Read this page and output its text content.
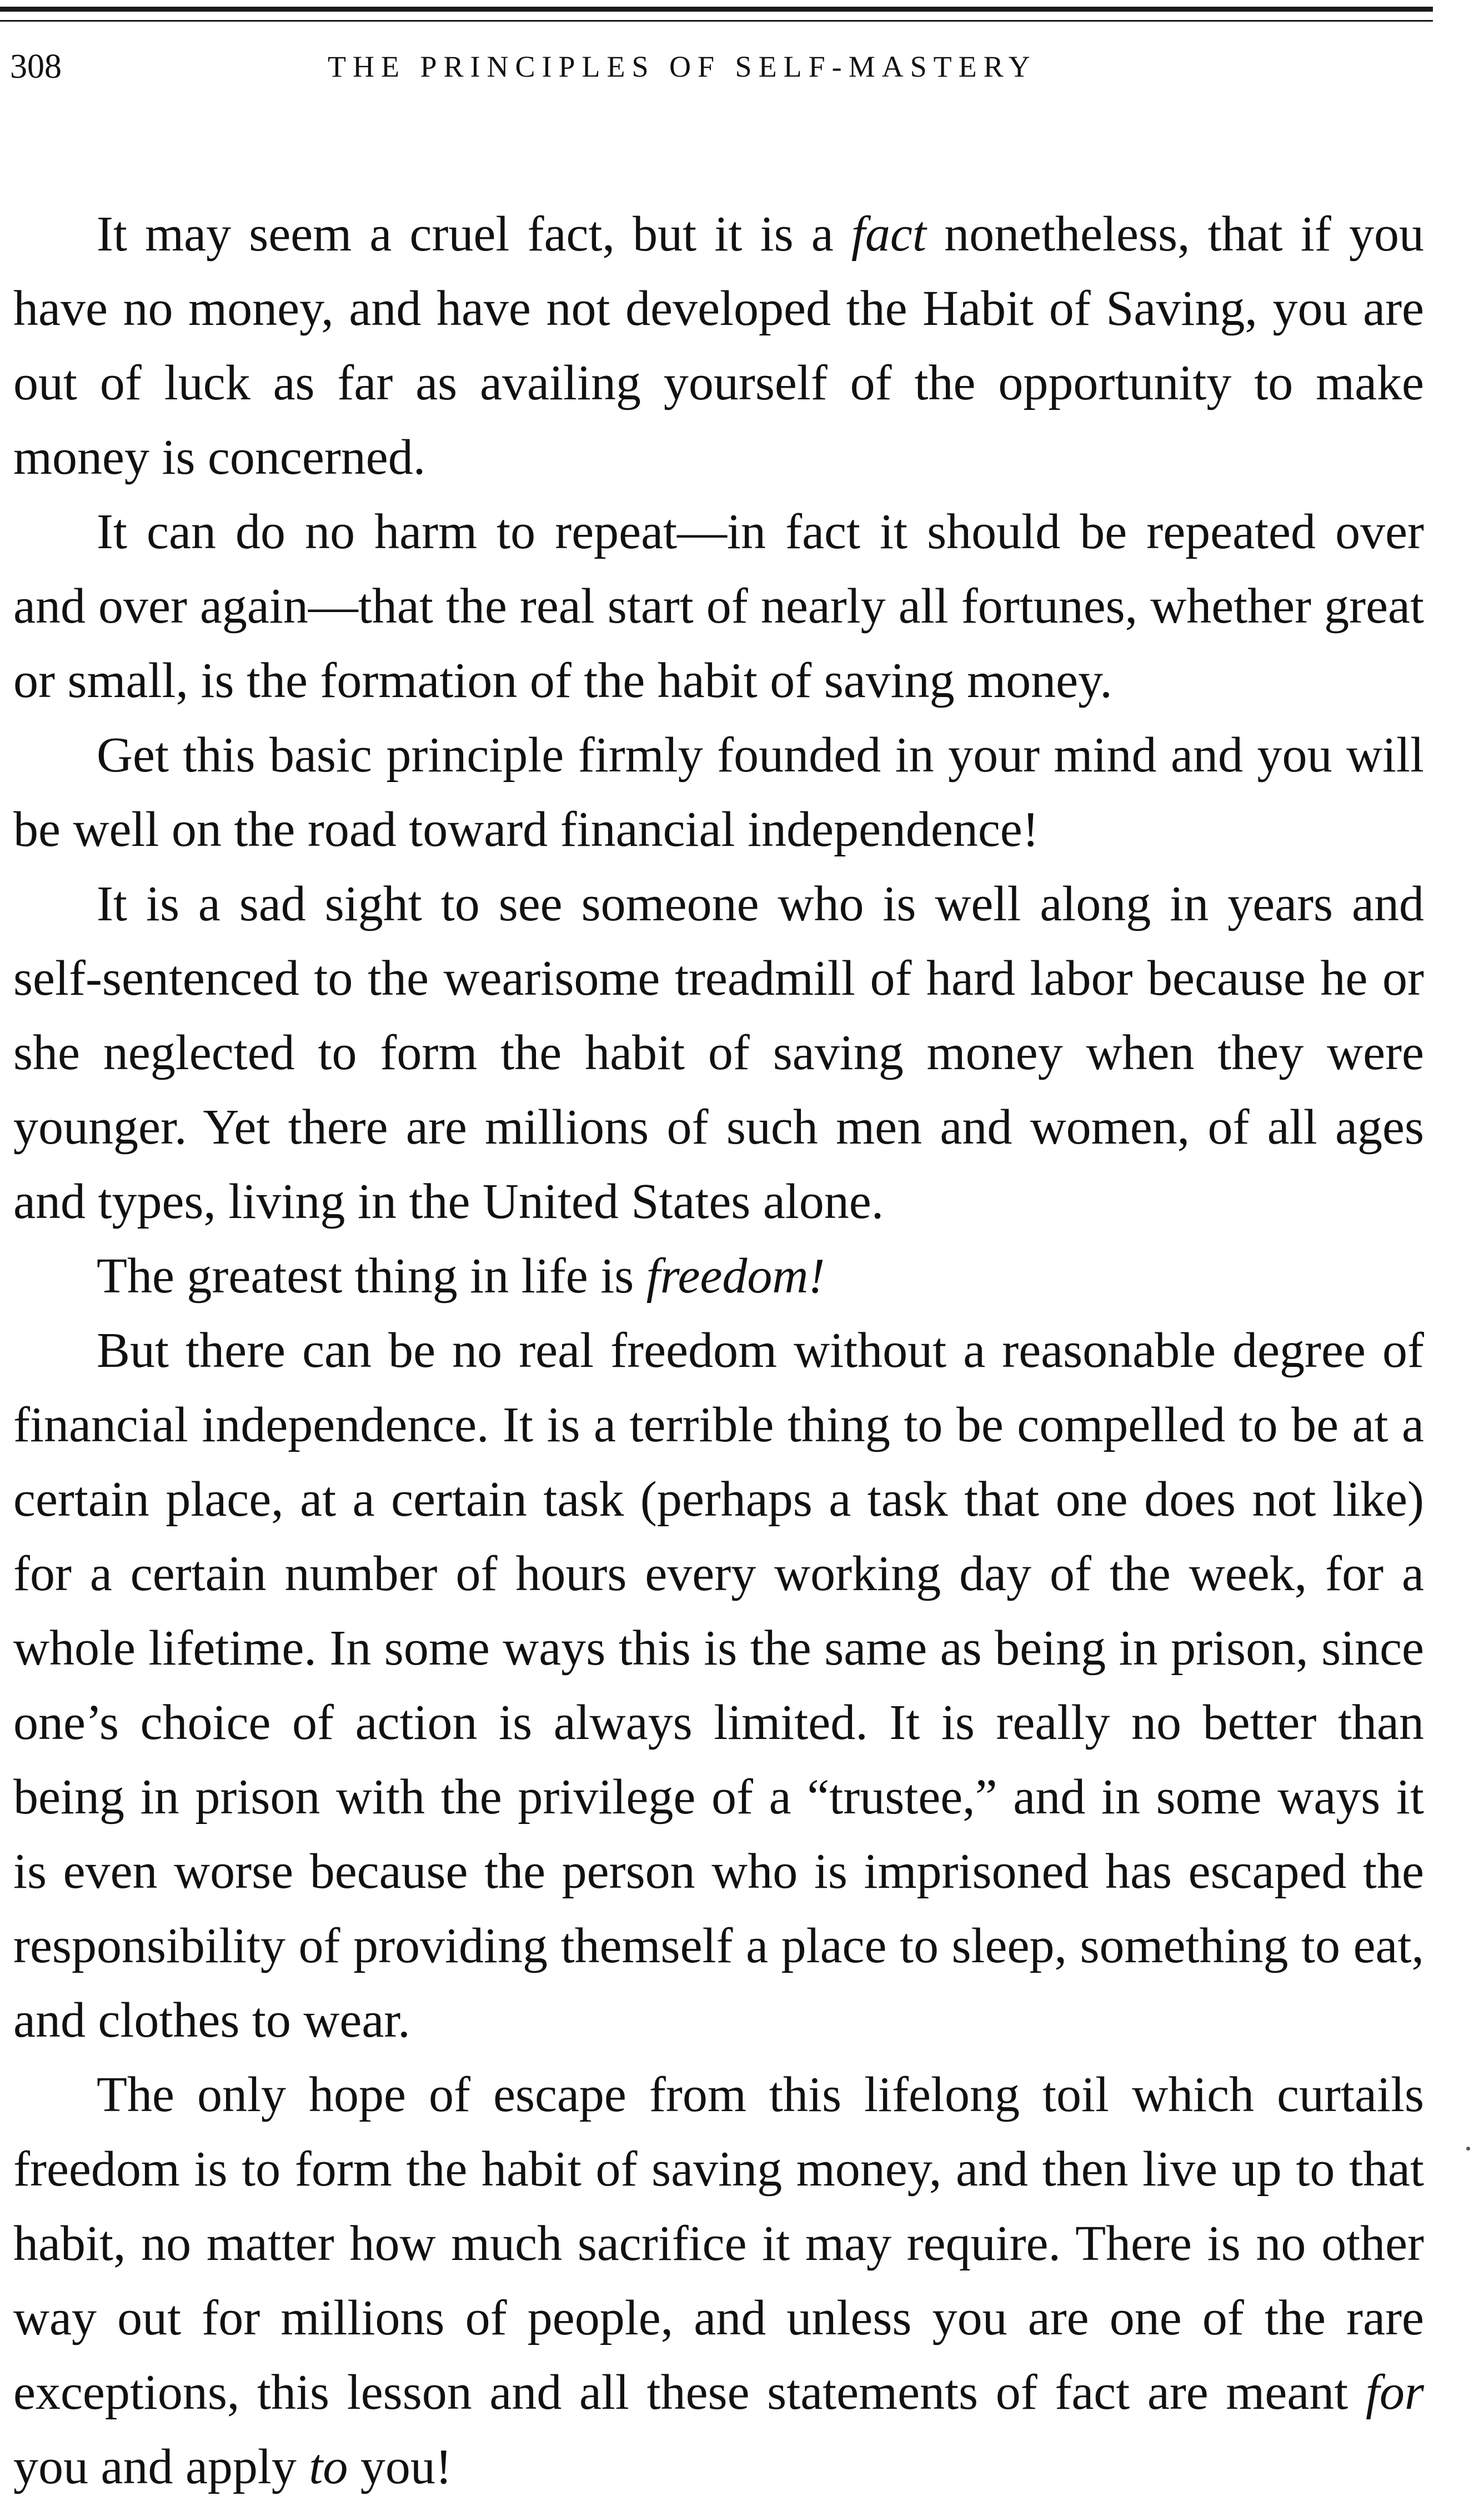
308	THE PRINCIPLES OF SELF-MASTERY

It may seem a cruel fact, but it is a fact nonetheless, that if you have no money, and have not developed the Habit of Saving, you are out of luck as far as availing yourself of the opportunity to make money is concerned.

It can do no harm to repeat—in fact it should be repeated over and over again—that the real start of nearly all fortunes, whether great or small, is the formation of the habit of saving money.

Get this basic principle firmly founded in your mind and you will be well on the road toward financial independence!

It is a sad sight to see someone who is well along in years and self-sentenced to the wearisome treadmill of hard labor because he or she neglected to form the habit of saving money when they were younger. Yet there are millions of such men and women, of all ages and types, living in the United States alone.

The greatest thing in life is freedom!

But there can be no real freedom without a reasonable degree of financial independence. It is a terrible thing to be compelled to be at a certain place, at a certain task (perhaps a task that one does not like) for a certain number of hours every working day of the week, for a whole lifetime. In some ways this is the same as being in prison, since one’s choice of action is always limited. It is really no better than being in prison with the privilege of a “trustee,” and in some ways it is even worse because the person who is imprisoned has escaped the responsibility of providing themself a place to sleep, something to eat, and clothes to wear.

The only hope of escape from this lifelong toil which curtails freedom is to form the habit of saving money, and then live up to that habit, no matter how much sacrifice it may require. There is no other way out for millions of people, and unless you are one of the rare exceptions, this lesson and all these statements of fact are meant for you and apply to you!
